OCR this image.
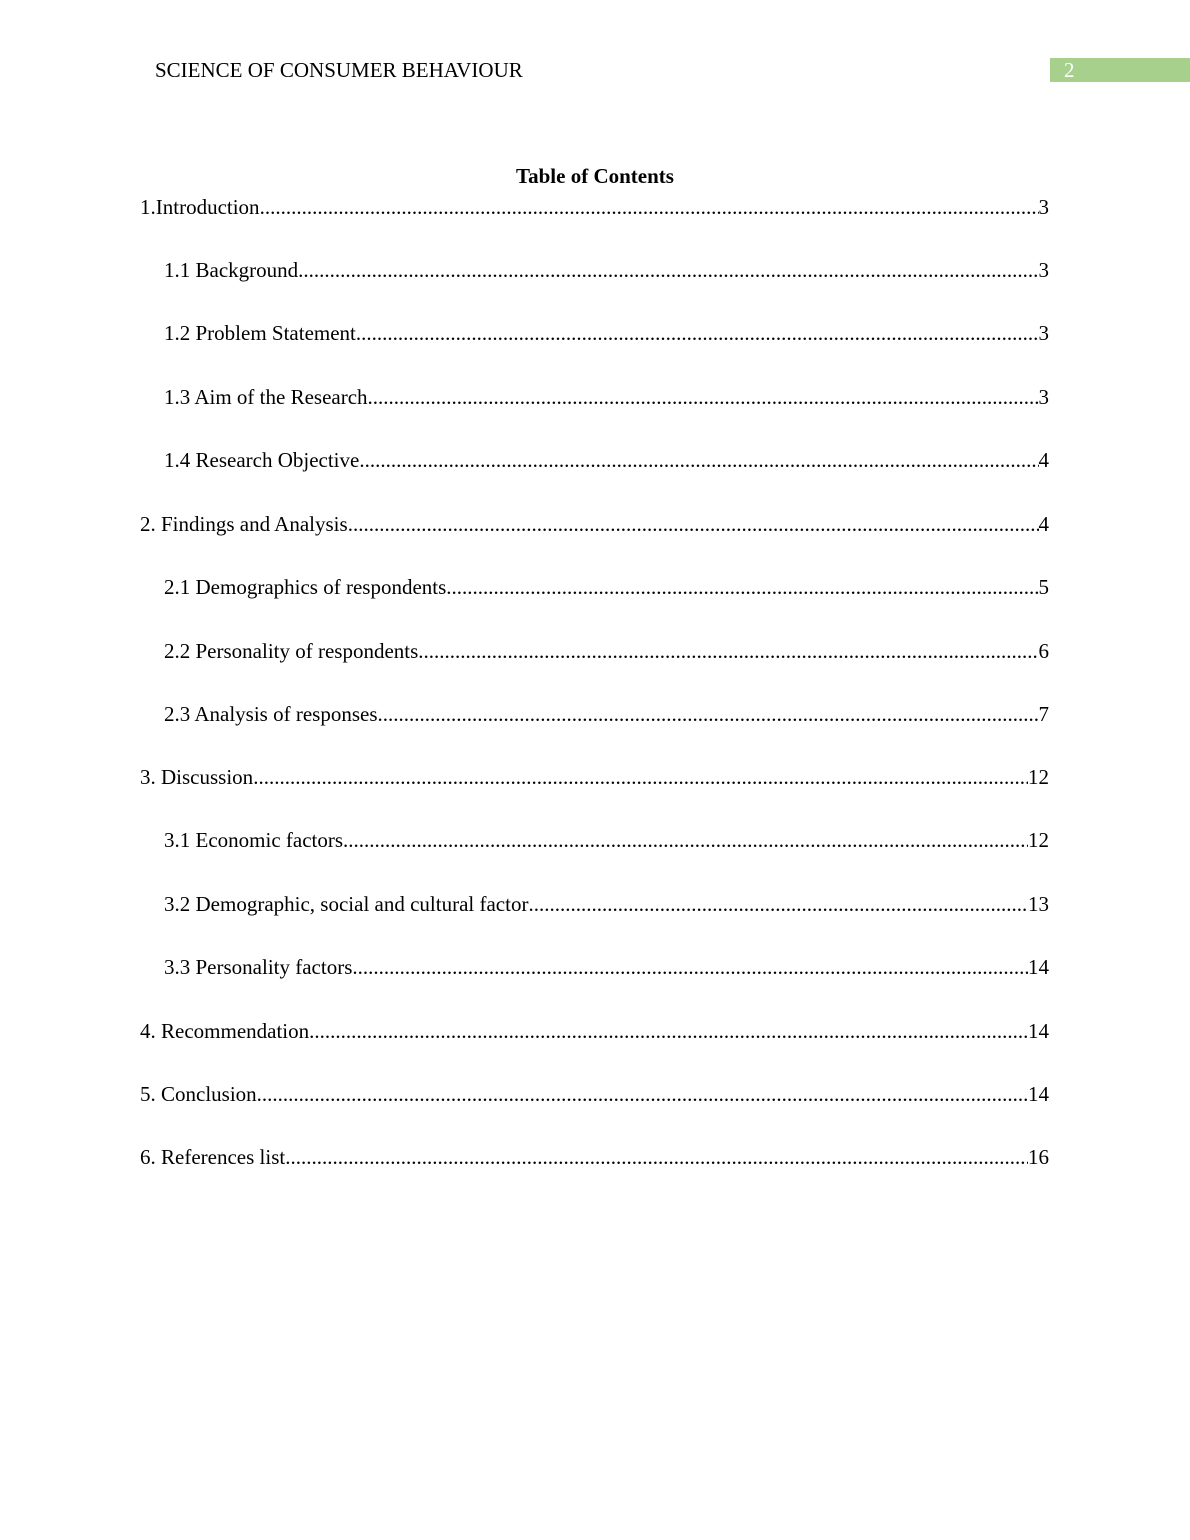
SCIENCE OF CONSUMER BEHAVIOUR	2
Table of Contents
1.Introduction .....	3
1.1 Background .....	3
1.2 Problem Statement .....	3
1.3 Aim of the Research .....	3
1.4 Research Objective .....	4
2. Findings and Analysis .....	4
2.1 Demographics of respondents .....	5
2.2 Personality of respondents .....	6
2.3 Analysis of responses .....	7
3. Discussion .....	12
3.1 Economic factors .....	12
3.2 Demographic, social and cultural factor .....	13
3.3 Personality factors .....	14
4. Recommendation .....	14
5. Conclusion .....	14
6. References list .....	16
